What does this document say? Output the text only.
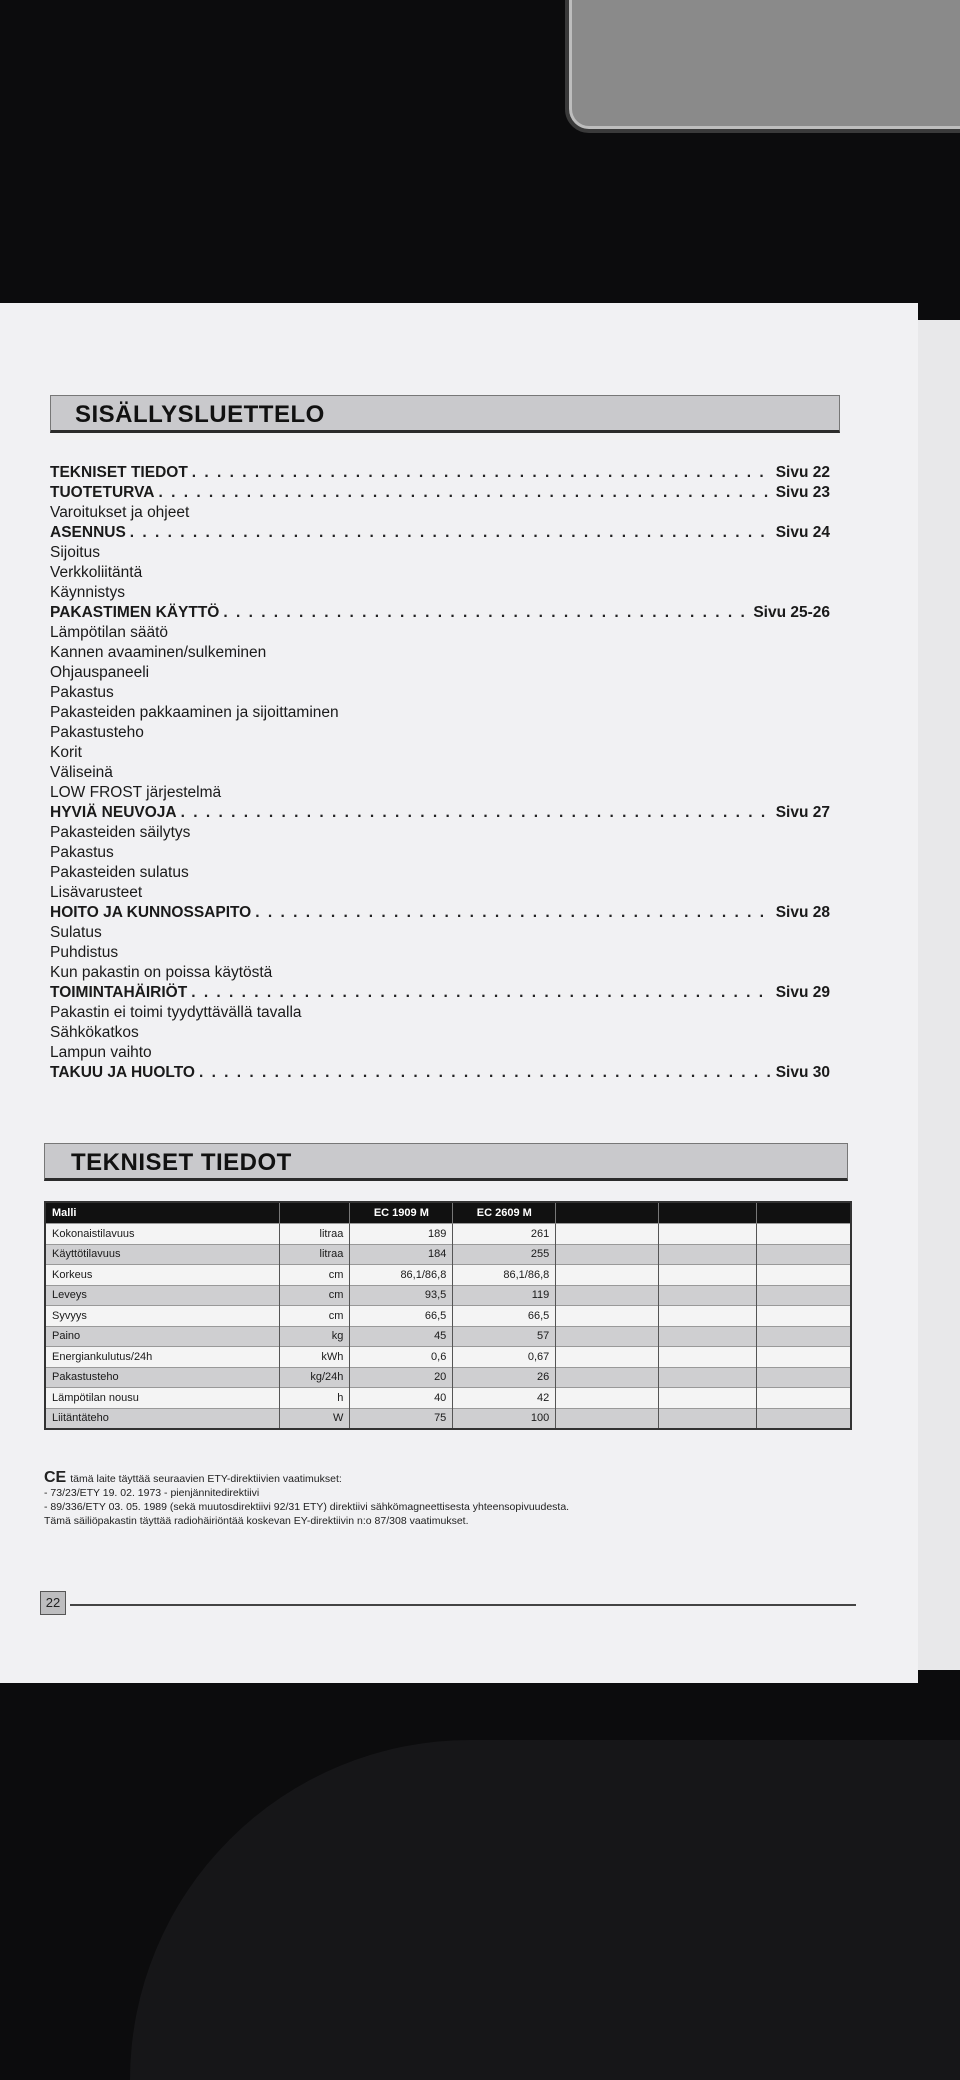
SISÄLLYSLUETTELO
TEKNISET TIEDOT . . .	Sivu 22
TUOTETURVA . . .	Sivu 23
Varoitukset ja ohjeet
ASENNUS . . .	Sivu 24
Sijoitus
Verkkoliitäntä
Käynnistys
PAKASTIMEN KÄYTTÖ . . .	Sivu 25-26
Lämpötilan säätö
Kannen avaaminen/sulkeminen
Ohjauspaneeli
Pakastus
Pakasteiden pakkaaminen ja sijoittaminen
Pakastusteho
Korit
Väliseinä
LOW FROST järjestelmä
HYVIÄ NEUVOJA . . .	Sivu 27
Pakasteiden säilytys
Pakastus
Pakasteiden sulatus
Lisävarusteet
HOITO JA KUNNOSSAPITO . . .	Sivu 28
Sulatus
Puhdistus
Kun pakastin on poissa käytöstä
TOIMINTAHÄIRIÖT . . .	Sivu 29
Pakastin ei toimi tyydyttävällä tavalla
Sähkökatkos
Lampun vaihto
TAKUU JA HUOLTO . . .	Sivu 30
TEKNISET TIEDOT
Malli		EC 1909 M	EC 2609 M			
Kokonaistilavuus	litraa	189	261			
Käyttötilavuus	litraa	184	255			
Korkeus	cm	86,1/86,8	86,1/86,8			
Leveys	cm	93,5	119			
Syvyys	cm	66,5	66,5			
Paino	kg	45	57			
Energiankulutus/24h	kWh	0,6	0,67			
Pakastusteho	kg/24h	20	26			
Lämpötilan nousu	h	40	42			
Liitäntäteho	W	75	100			
CE tämä laite täyttää seuraavien ETY-direktiivien vaatimukset:
- 73/23/ETY 19. 02. 1973 - pienjännitedirektiivi
- 89/336/ETY 03. 05. 1989 (sekä muutosdirektiivi 92/31 ETY) direktiivi sähkömagneettisesta yhteensopivuudesta.
Tämä säiliöpakastin täyttää radiohäiriöntää koskevan EY-direktiivin n:o 87/308 vaatimukset.
22
